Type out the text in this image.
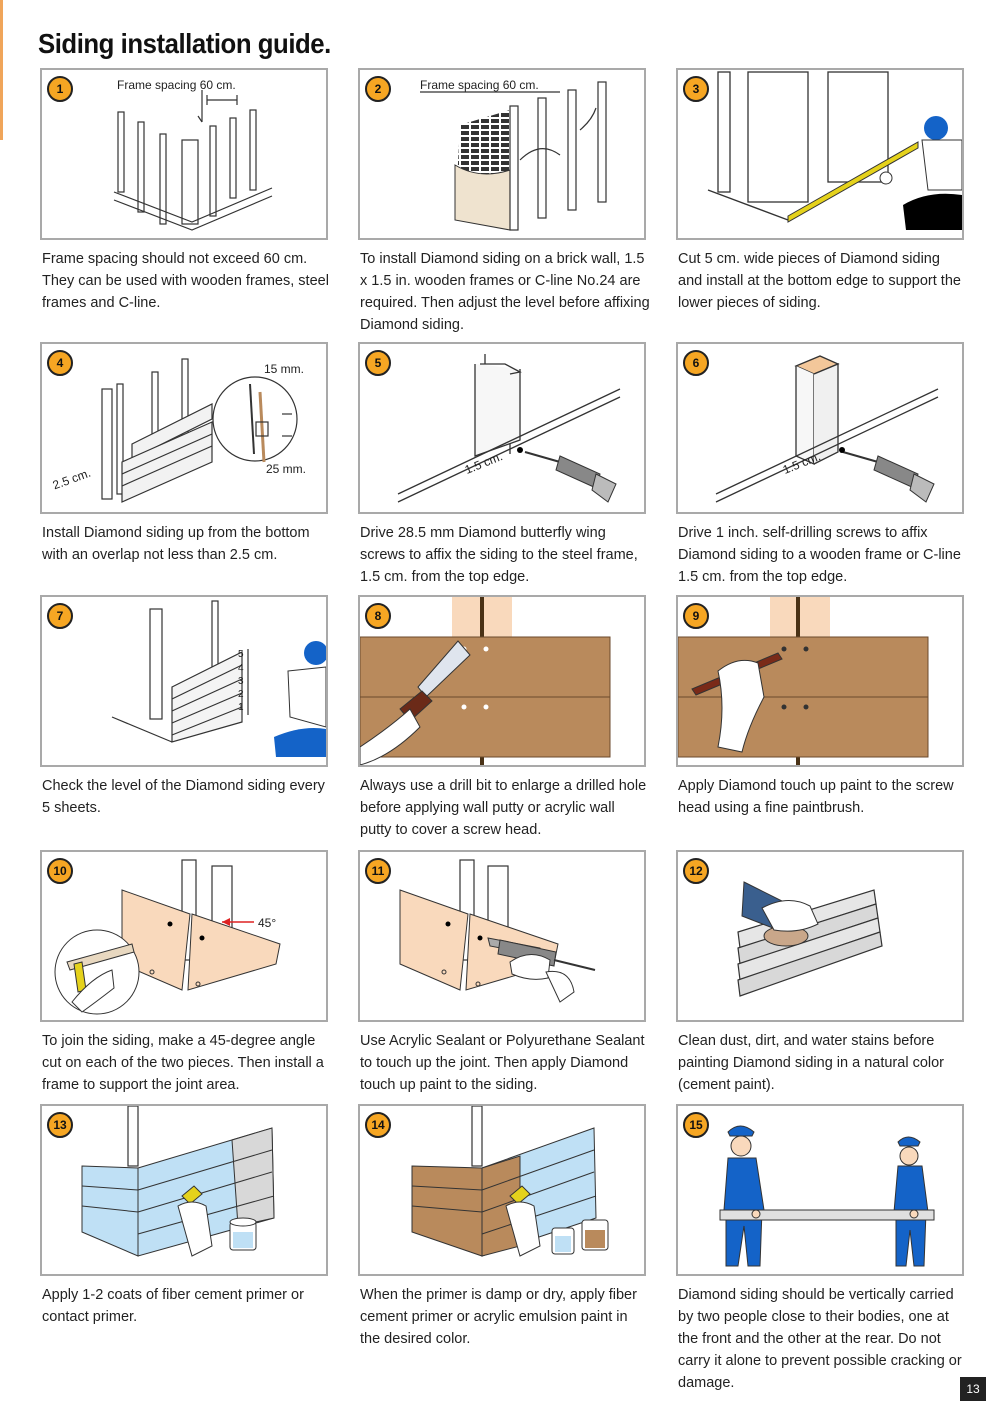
Siding installation guide.
1	Frame spacing 60 cm.
Frame spacing should not exceed 60 cm. They can be used with wooden frames, steel frames and C-line.
2	Frame spacing 60 cm.
To install Diamond siding on a brick wall, 1.5 x 1.5 in. wooden frames or C-line No.24 are required. Then adjust the level before affixing Diamond siding.
3
Cut 5 cm. wide pieces of Diamond siding and install at the bottom edge to support the lower pieces of siding.
4	15 mm.
25 mm.
2.5 cm.
Install Diamond siding up from the bottom with an overlap not less than 2.5 cm.
5
1.5 cm.
Drive 28.5 mm Diamond butterfly wing screws to affix the siding to the steel frame, 1.5 cm. from the top edge.
6
1.5 cm.
Drive 1 inch. self-drilling screws to affix Diamond siding to a wooden frame or C-line 1.5 cm. from the top edge.
7
5
4
3
2
1
Check the level of the Diamond siding every 5 sheets.
8
Always use a drill bit to enlarge a drilled hole before applying wall putty or acrylic wall putty to cover a screw head.
9
Apply Diamond touch up paint to the screw head using a fine paintbrush.
10
45°
To join the siding, make a 45-degree angle cut on each of the two pieces. Then install a frame to support the joint area.
11
Use Acrylic Sealant or Polyurethane Sealant to touch up the joint. Then apply Diamond touch up paint to the siding.
12
Clean dust, dirt, and water stains before painting Diamond siding in a natural color (cement paint).
13
Apply 1-2 coats of fiber cement primer or contact primer.
14
When the primer is damp or dry, apply fiber cement primer or acrylic emulsion paint in the desired color.
15
Diamond siding should be vertically carried by two people close to their bodies, one at the front and the other at the rear. Do not carry it alone to prevent possible cracking or damage.	13
